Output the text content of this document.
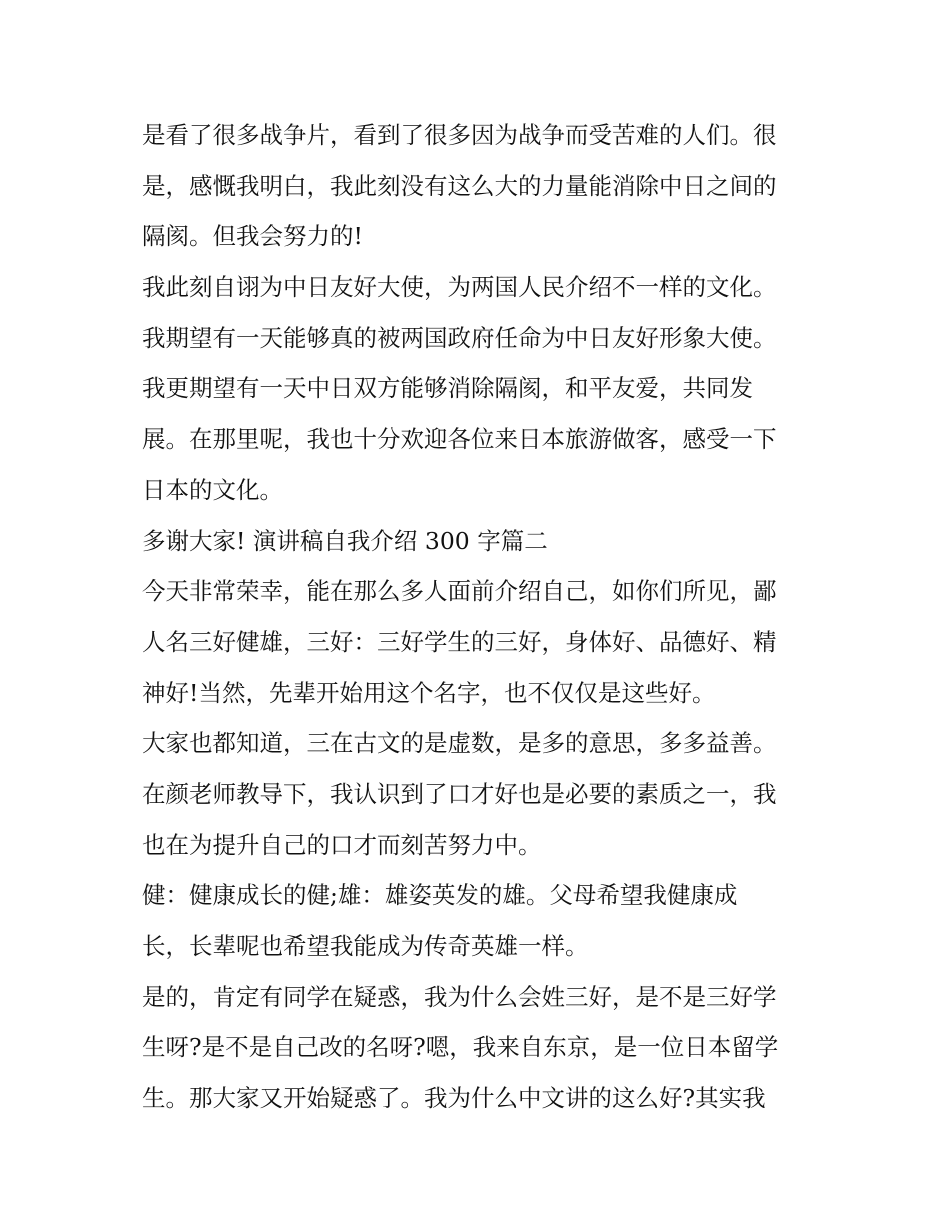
是看了很多战争片，看到了很多因为战争而受苦难的人们。很
是，感慨我明白，我此刻没有这么大的力量能消除中日之间的
隔阂。但我会努力的!
我此刻自诩为中日友好大使，为两国人民介绍不一样的文化。
我期望有一天能够真的被两国政府任命为中日友好形象大使。
我更期望有一天中日双方能够消除隔阂，和平友爱，共同发
展。在那里呢，我也十分欢迎各位来日本旅游做客，感受一下
日本的文化。
多谢大家! 演讲稿自我介绍 300 字篇二
今天非常荣幸，能在那么多人面前介绍自己，如你们所见，鄙
人名三好健雄，三好：三好学生的三好，身体好、品德好、精
神好!当然，先辈开始用这个名字，也不仅仅是这些好。
大家也都知道，三在古文的是虚数，是多的意思，多多益善。
在颜老师教导下，我认识到了口才好也是必要的素质之一，我
也在为提升自己的口才而刻苦努力中。
健：健康成长的健;雄：雄姿英发的雄。父母希望我健康成
长，长辈呢也希望我能成为传奇英雄一样。
是的，肯定有同学在疑惑，我为什么会姓三好，是不是三好学
生呀?是不是自己改的名呀?嗯，我来自东京，是一位日本留学
生。那大家又开始疑惑了。我为什么中文讲的这么好?其实我
